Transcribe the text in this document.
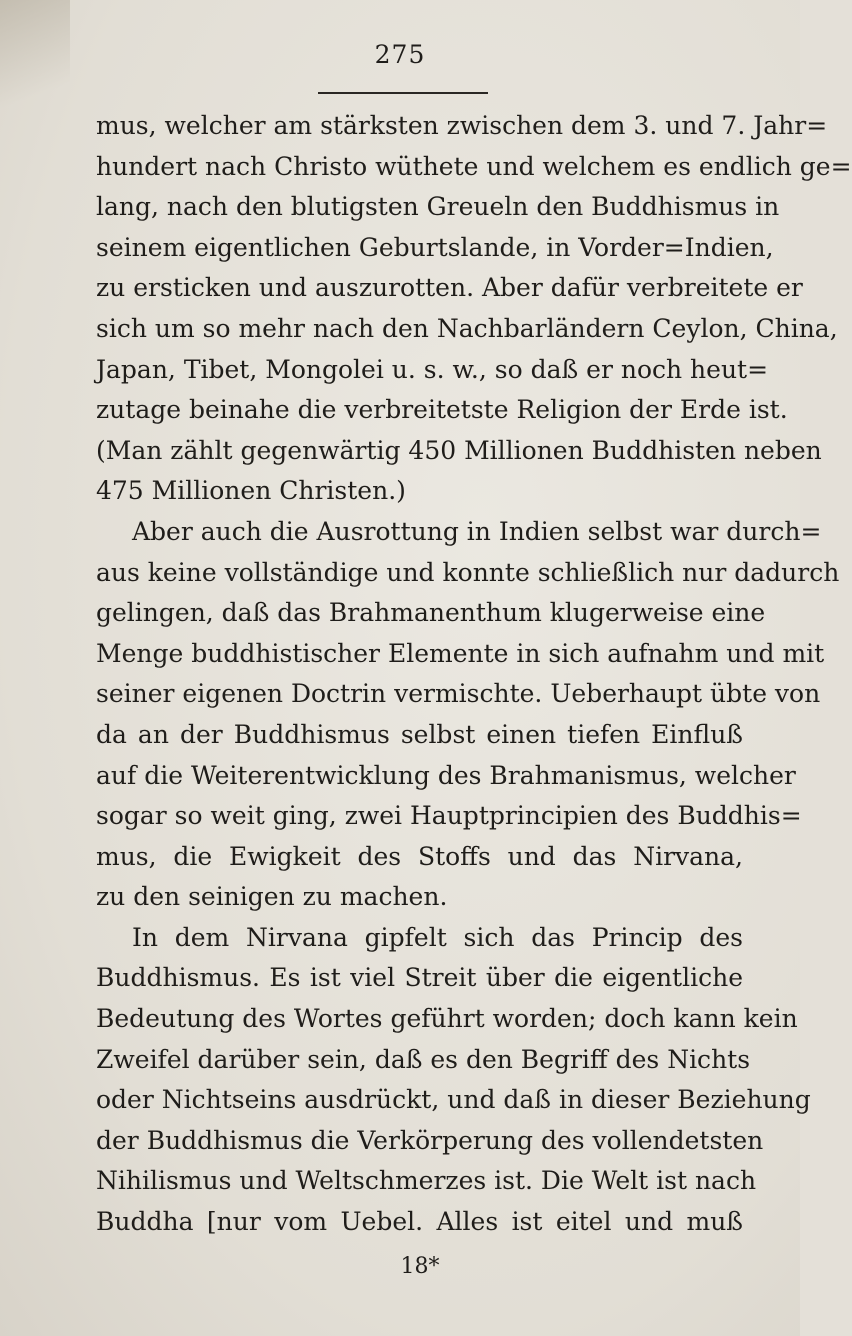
275
mus, welcher am stärksten zwischen dem 3. und 7. Jahr=
hundert nach Christo wüthete und welchem es endlich ge=
lang, nach den blutigsten Greueln den Buddhismus in
seinem eigentlichen Geburtslande, in Vorder=Indien,
zu ersticken und auszurotten. Aber dafür verbreitete er
sich um so mehr nach den Nachbarländern Ceylon, China,
Japan, Tibet, Mongolei u. s. w., so daß er noch heut=
zutage beinahe die verbreitetste Religion der Erde ist.
(Man zählt gegenwärtig 450 Millionen Buddhisten neben
475 Millionen Christen.)
Aber auch die Ausrottung in Indien selbst war durch=
aus keine vollständige und konnte schließlich nur dadurch
gelingen, daß das Brahmanenthum klugerweise eine
Menge buddhistischer Elemente in sich aufnahm und mit
seiner eigenen Doctrin vermischte. Ueberhaupt übte von
da an der Buddhismus selbst einen tiefen Einfluß
auf die Weiterentwicklung des Brahmanismus, welcher
sogar so weit ging, zwei Hauptprincipien des Buddhis=
mus, die Ewigkeit des Stoffs und das Nirvana,
zu den seinigen zu machen.
In dem Nirvana gipfelt sich das Princip des
Buddhismus. Es ist viel Streit über die eigentliche
Bedeutung des Wortes geführt worden; doch kann kein
Zweifel darüber sein, daß es den Begriff des Nichts
oder Nichtseins ausdrückt, und daß in dieser Beziehung
der Buddhismus die Verkörperung des vollendetsten
Nihilismus und Weltschmerzes ist. Die Welt ist nach
Buddha [nur vom Uebel. Alles ist eitel und muß
18*
